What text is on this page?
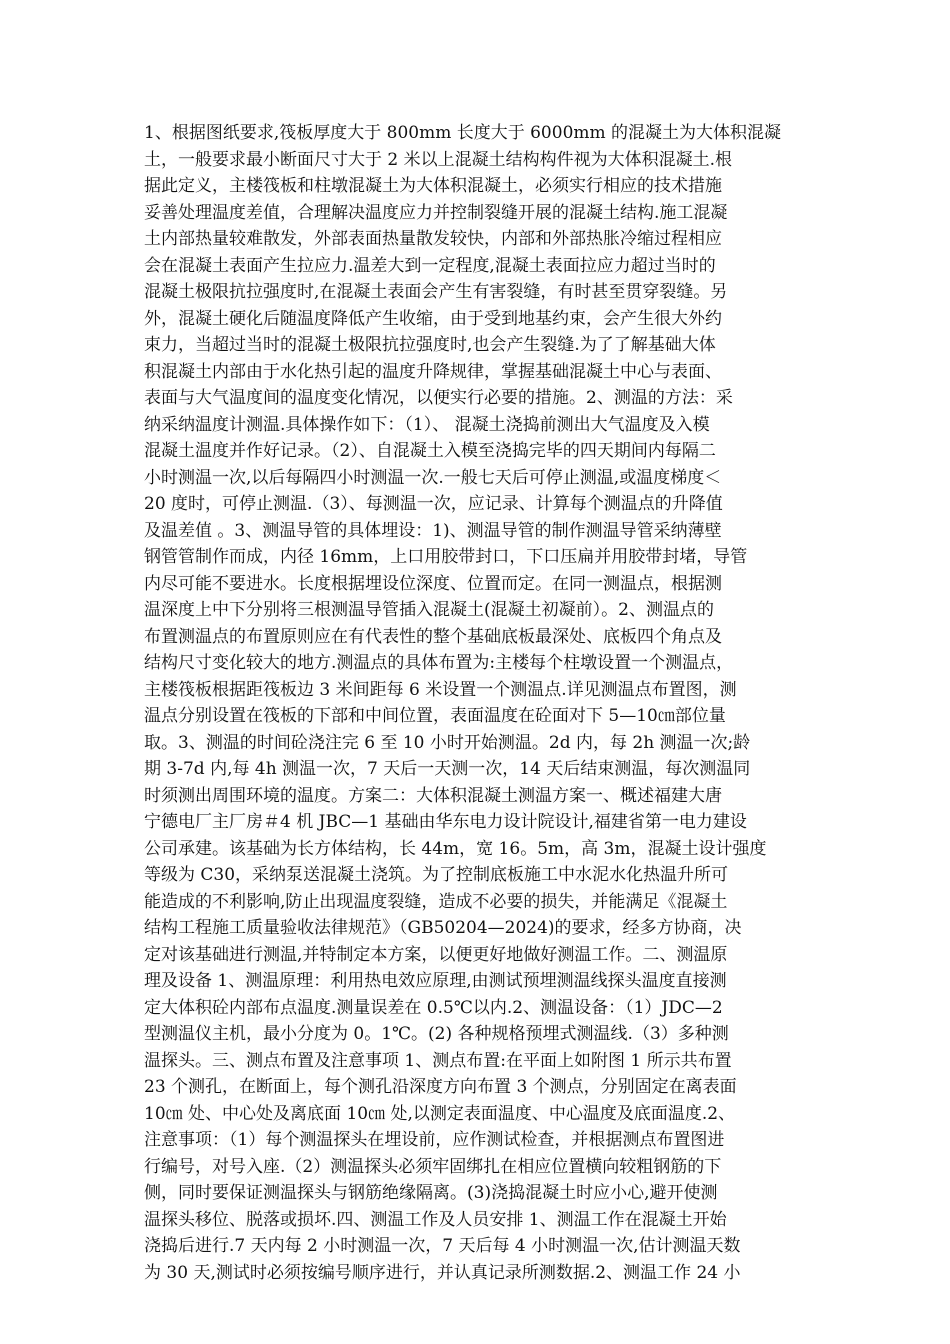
1、根据图纸要求,筏板厚度大于 800mm 长度大于 6000mm 的混凝土为大体积混凝
土，一般要求最小断面尺寸大于 2 米以上混凝土结构构件视为大体积混凝土.根
据此定义，主楼筏板和柱墩混凝土为大体积混凝土，必须实行相应的技术措施
妥善处理温度差值，合理解决温度应力并控制裂缝开展的混凝土结构.施工混凝
土内部热量较难散发，外部表面热量散发较快，内部和外部热胀冷缩过程相应
会在混凝土表面产生拉应力.温差大到一定程度,混凝土表面拉应力超过当时的
混凝土极限抗拉强度时,在混凝土表面会产生有害裂缝，有时甚至贯穿裂缝。另
外，混凝土硬化后随温度降低产生收缩，由于受到地基约束，会产生很大外约
束力，当超过当时的混凝土极限抗拉强度时,也会产生裂缝.为了了解基础大体
积混凝土内部由于水化热引起的温度升降规律，掌握基础混凝土中心与表面、
表面与大气温度间的温度变化情况，以便实行必要的措施。2、测温的方法：采
纳采纳温度计测温.具体操作如下：（1）、 混凝土浇捣前测出大气温度及入模
混凝土温度并作好记录。（2）、自混凝土入模至浇捣完毕的四天期间内每隔二
小时测温一次,以后每隔四小时测温一次.一般七天后可停止测温,或温度梯度＜
20 度时，可停止测温.（3）、每测温一次，应记录、计算每个测温点的升降值
及温差值 。3、测温导管的具体埋设：1)、测温导管的制作测温导管采纳薄壁
钢管管制作而成，内径 16mm，上口用胶带封口，下口压扁并用胶带封堵，导管
内尽可能不要进水。长度根据埋设位深度、位置而定。在同一测温点，根据测
温深度上中下分别将三根测温导管插入混凝土(混凝土初凝前）。2、测温点的
布置测温点的布置原则应在有代表性的整个基础底板最深处、底板四个角点及
结构尺寸变化较大的地方.测温点的具体布置为:主楼每个柱墩设置一个测温点，
主楼筏板根据距筏板边 3 米间距每 6 米设置一个测温点.详见测温点布置图，测
温点分别设置在筏板的下部和中间位置，表面温度在砼面对下 5—10㎝部位量
取。3、测温的时间砼浇注完 6 至 10 小时开始测温。2d 内，每 2h 测温一次;龄
期 3-7d 内,每 4h 测温一次，7 天后一天测一次，14 天后结束测温，每次测温同
时须测出周围环境的温度。方案二：大体积混凝土测温方案一、概述福建大唐
宁德电厂主厂房＃4 机 JBC—1 基础由华东电力设计院设计,福建省第一电力建设
公司承建。该基础为长方体结构，长 44m，宽 16。5m，高 3m，混凝土设计强度
等级为 C30，采纳泵送混凝土浇筑。为了控制底板施工中水泥水化热温升所可
能造成的不利影响,防止出现温度裂缝，造成不必要的损失，并能满足《混凝土
结构工程施工质量验收法律规范》（GB50204—2024)的要求，经多方协商，决
定对该基础进行测温,并特制定本方案，以便更好地做好测温工作。二、测温原
理及设备 1、测温原理：利用热电效应原理,由测试预埋测温线探头温度直接测
定大体积砼内部布点温度.测量误差在 0.5℃以内.2、测温设备：（1）JDC—2
型测温仪主机，最小分度为 0。1℃。(2) 各种规格预埋式测温线.（3）多种测
温探头。三、测点布置及注意事项 1、测点布置:在平面上如附图 1 所示共布置
23 个测孔，在断面上，每个测孔沿深度方向布置 3 个测点，分别固定在离表面
10㎝ 处、中心处及离底面 10㎝ 处,以测定表面温度、中心温度及底面温度.2、
注意事项：（1）每个测温探头在埋设前，应作测试检查，并根据测点布置图进
行编号，对号入座.（2）测温探头必须牢固绑扎在相应位置横向较粗钢筋的下
侧，同时要保证测温探头与钢筋绝缘隔离。(3)浇捣混凝土时应小心,避开使测
温探头移位、脱落或损坏.四、测温工作及人员安排 1、测温工作在混凝土开始
浇捣后进行.7 天内每 2 小时测温一次，7 天后每 4 小时测温一次,估计测温天数
为 30 天,测试时必须按编号顺序进行，并认真记录所测数据.2、测温工作 24 小
